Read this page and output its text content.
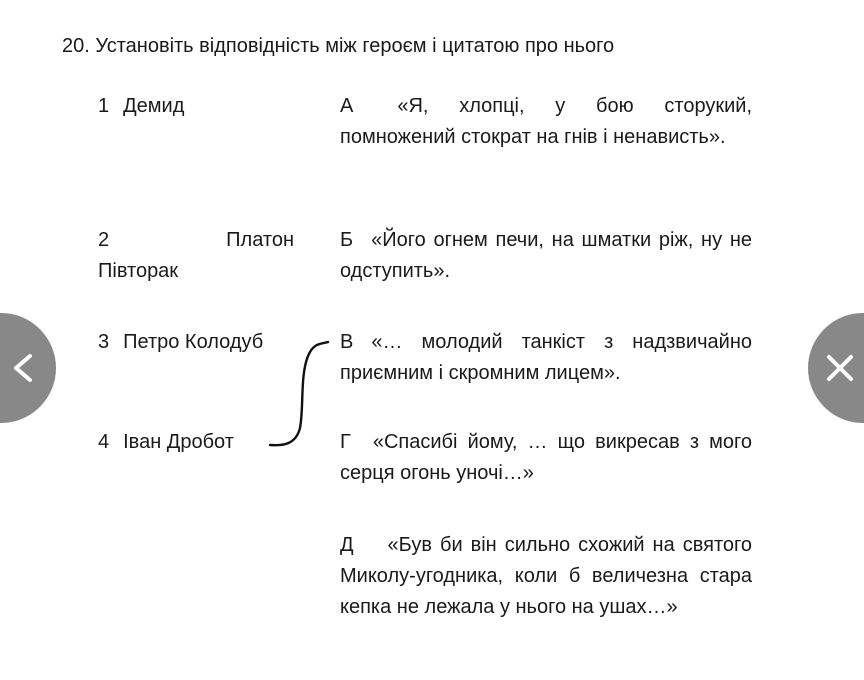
20. Установіть відповідність між героєм і цитатою про нього
1 Демид
2	Платон
Півторак
3 Петро Колодуб
4 Іван Дробот
А «Я, хлопці, у бою сторукий, помножений стократ на гнів і ненависть».
Б «Його огнем печи, на шматки ріж, ну не одступить».
В «… молодий танкіст з надзвичайно приємним і скромним лицем».
Г «Спасибі йому, … що викресав з мого серця огонь уночі…»
Д «Був би він сильно схожий на святого Миколу-угодника, коли б величезна стара кепка не лежала у нього на ушах…»
